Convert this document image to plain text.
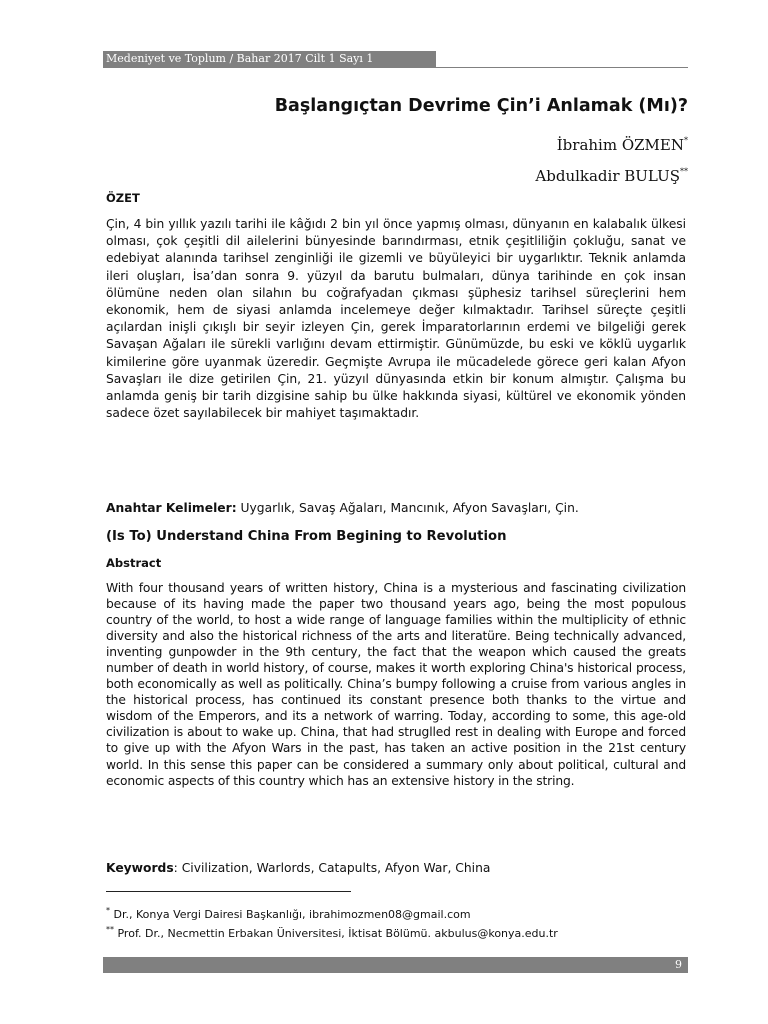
Medeniyet ve Toplum / Bahar 2017 Cilt 1 Sayı 1
Başlangıçtan Devrime Çin’i Anlamak (Mı)?
İbrahim ÖZMEN*
Abdulkadir BULUŞ**
ÖZET
Çin, 4 bin yıllık yazılı tarihi ile kâğıdı 2 bin yıl önce yapmış olması, dünyanın en kalabalık ülkesi olması, çok çeşitli dil ailelerini bünyesinde barındırması, etnik çeşitliliğin çokluğu, sanat ve edebiyat alanında tarihsel zenginliği ile gizemli ve büyüleyici bir uygarlıktır. Teknik anlamda ileri oluşları, İsa’dan sonra 9. yüzyıl da barutu bulmaları, dünya tarihinde en çok insan ölümüne neden olan silahın bu coğrafyadan çıkması şüphesiz tarihsel süreçlerini hem ekonomik, hem de siyasi anlamda incelemeye değer kılmaktadır. Tarihsel süreçte çeşitli açılardan inişli çıkışlı bir seyir izleyen Çin, gerek İmparatorlarının erdemi ve bilgeliği gerek Savaşan Ağaları ile sürekli varlığını devam ettirmiştir. Günümüzde, bu eski ve köklü uygarlık kimilerine göre uyanmak üzeredir. Geçmişte Avrupa ile mücadelede görece geri kalan Afyon Savaşları ile dize getirilen Çin, 21. yüzyıl dünyasında etkin bir konum almıştır. Çalışma bu anlamda geniş bir tarih dizgisine sahip bu ülke hakkında siyasi, kültürel ve ekonomik yönden sadece özet sayılabilecek bir mahiyet taşımaktadır.
Anahtar Kelimeler: Uygarlık, Savaş Ağaları, Mancınık, Afyon Savaşları, Çin.
(Is To) Understand China From Begining to Revolution
Abstract
With four thousand years of written history, China is a mysterious and fascinating civilization because of its having made the paper two thousand years ago, being the most populous country of the world, to host a wide range of language families within the multiplicity of ethnic diversity and also the historical richness of the arts and literatüre. Being technically advanced, inventing gunpowder in the 9th century, the fact that the weapon which caused the greats number of death in world history, of course, makes it worth exploring China's historical process, both economically as well as politically. China’s bumpy following a cruise from various angles in the historical process, has continued its constant presence both thanks to the virtue and wisdom of the Emperors, and its a network of warring. Today, according to some, this age-old civilization is about to wake up. China, that had struglled rest in dealing with Europe and forced to give up with the Afyon Wars in the past, has taken an active position in the 21st century world. In this sense this paper can be considered a summary only about political, cultural and economic aspects of this country which has an extensive history in the string.
Keywords: Civilization, Warlords, Catapults, Afyon War, China
* Dr., Konya Vergi Dairesi Başkanlığı, ibrahimozmen08@gmail.com
** Prof. Dr., Necmettin Erbakan Üniversitesi, İktisat Bölümü. akbulus@konya.edu.tr
9
